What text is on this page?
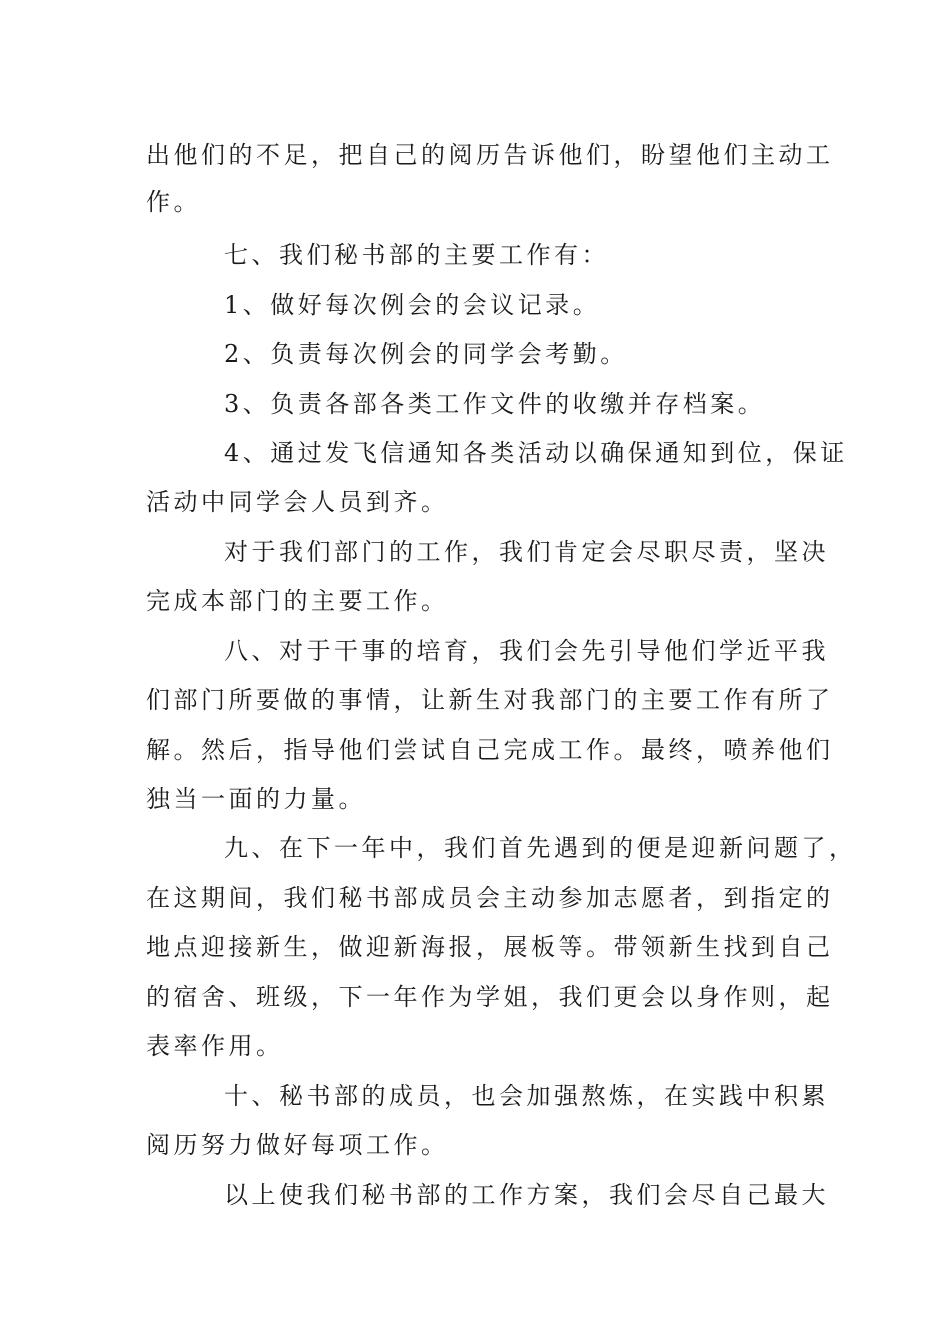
出他们的不足，把自己的阅历告诉他们，盼望他们主动工
作。
七、我们秘书部的主要工作有：
1、做好每次例会的会议记录。
2、负责每次例会的同学会考勤。
3、负责各部各类工作文件的收缴并存档案。
4、通过发飞信通知各类活动以确保通知到位，保证
活动中同学会人员到齐。
对于我们部门的工作，我们肯定会尽职尽责，坚决
完成本部门的主要工作。
八、对于干事的培育，我们会先引导他们学近平我
们部门所要做的事情，让新生对我部门的主要工作有所了
解。然后，指导他们尝试自己完成工作。最终，喷养他们
独当一面的力量。
九、在下一年中，我们首先遇到的便是迎新问题了，
在这期间，我们秘书部成员会主动参加志愿者，到指定的
地点迎接新生，做迎新海报，展板等。带领新生找到自己
的宿舍、班级，下一年作为学姐，我们更会以身作则，起
表率作用。
十、秘书部的成员，也会加强熬炼，在实践中积累
阅历努力做好每项工作。
以上使我们秘书部的工作方案，我们会尽自己最大
